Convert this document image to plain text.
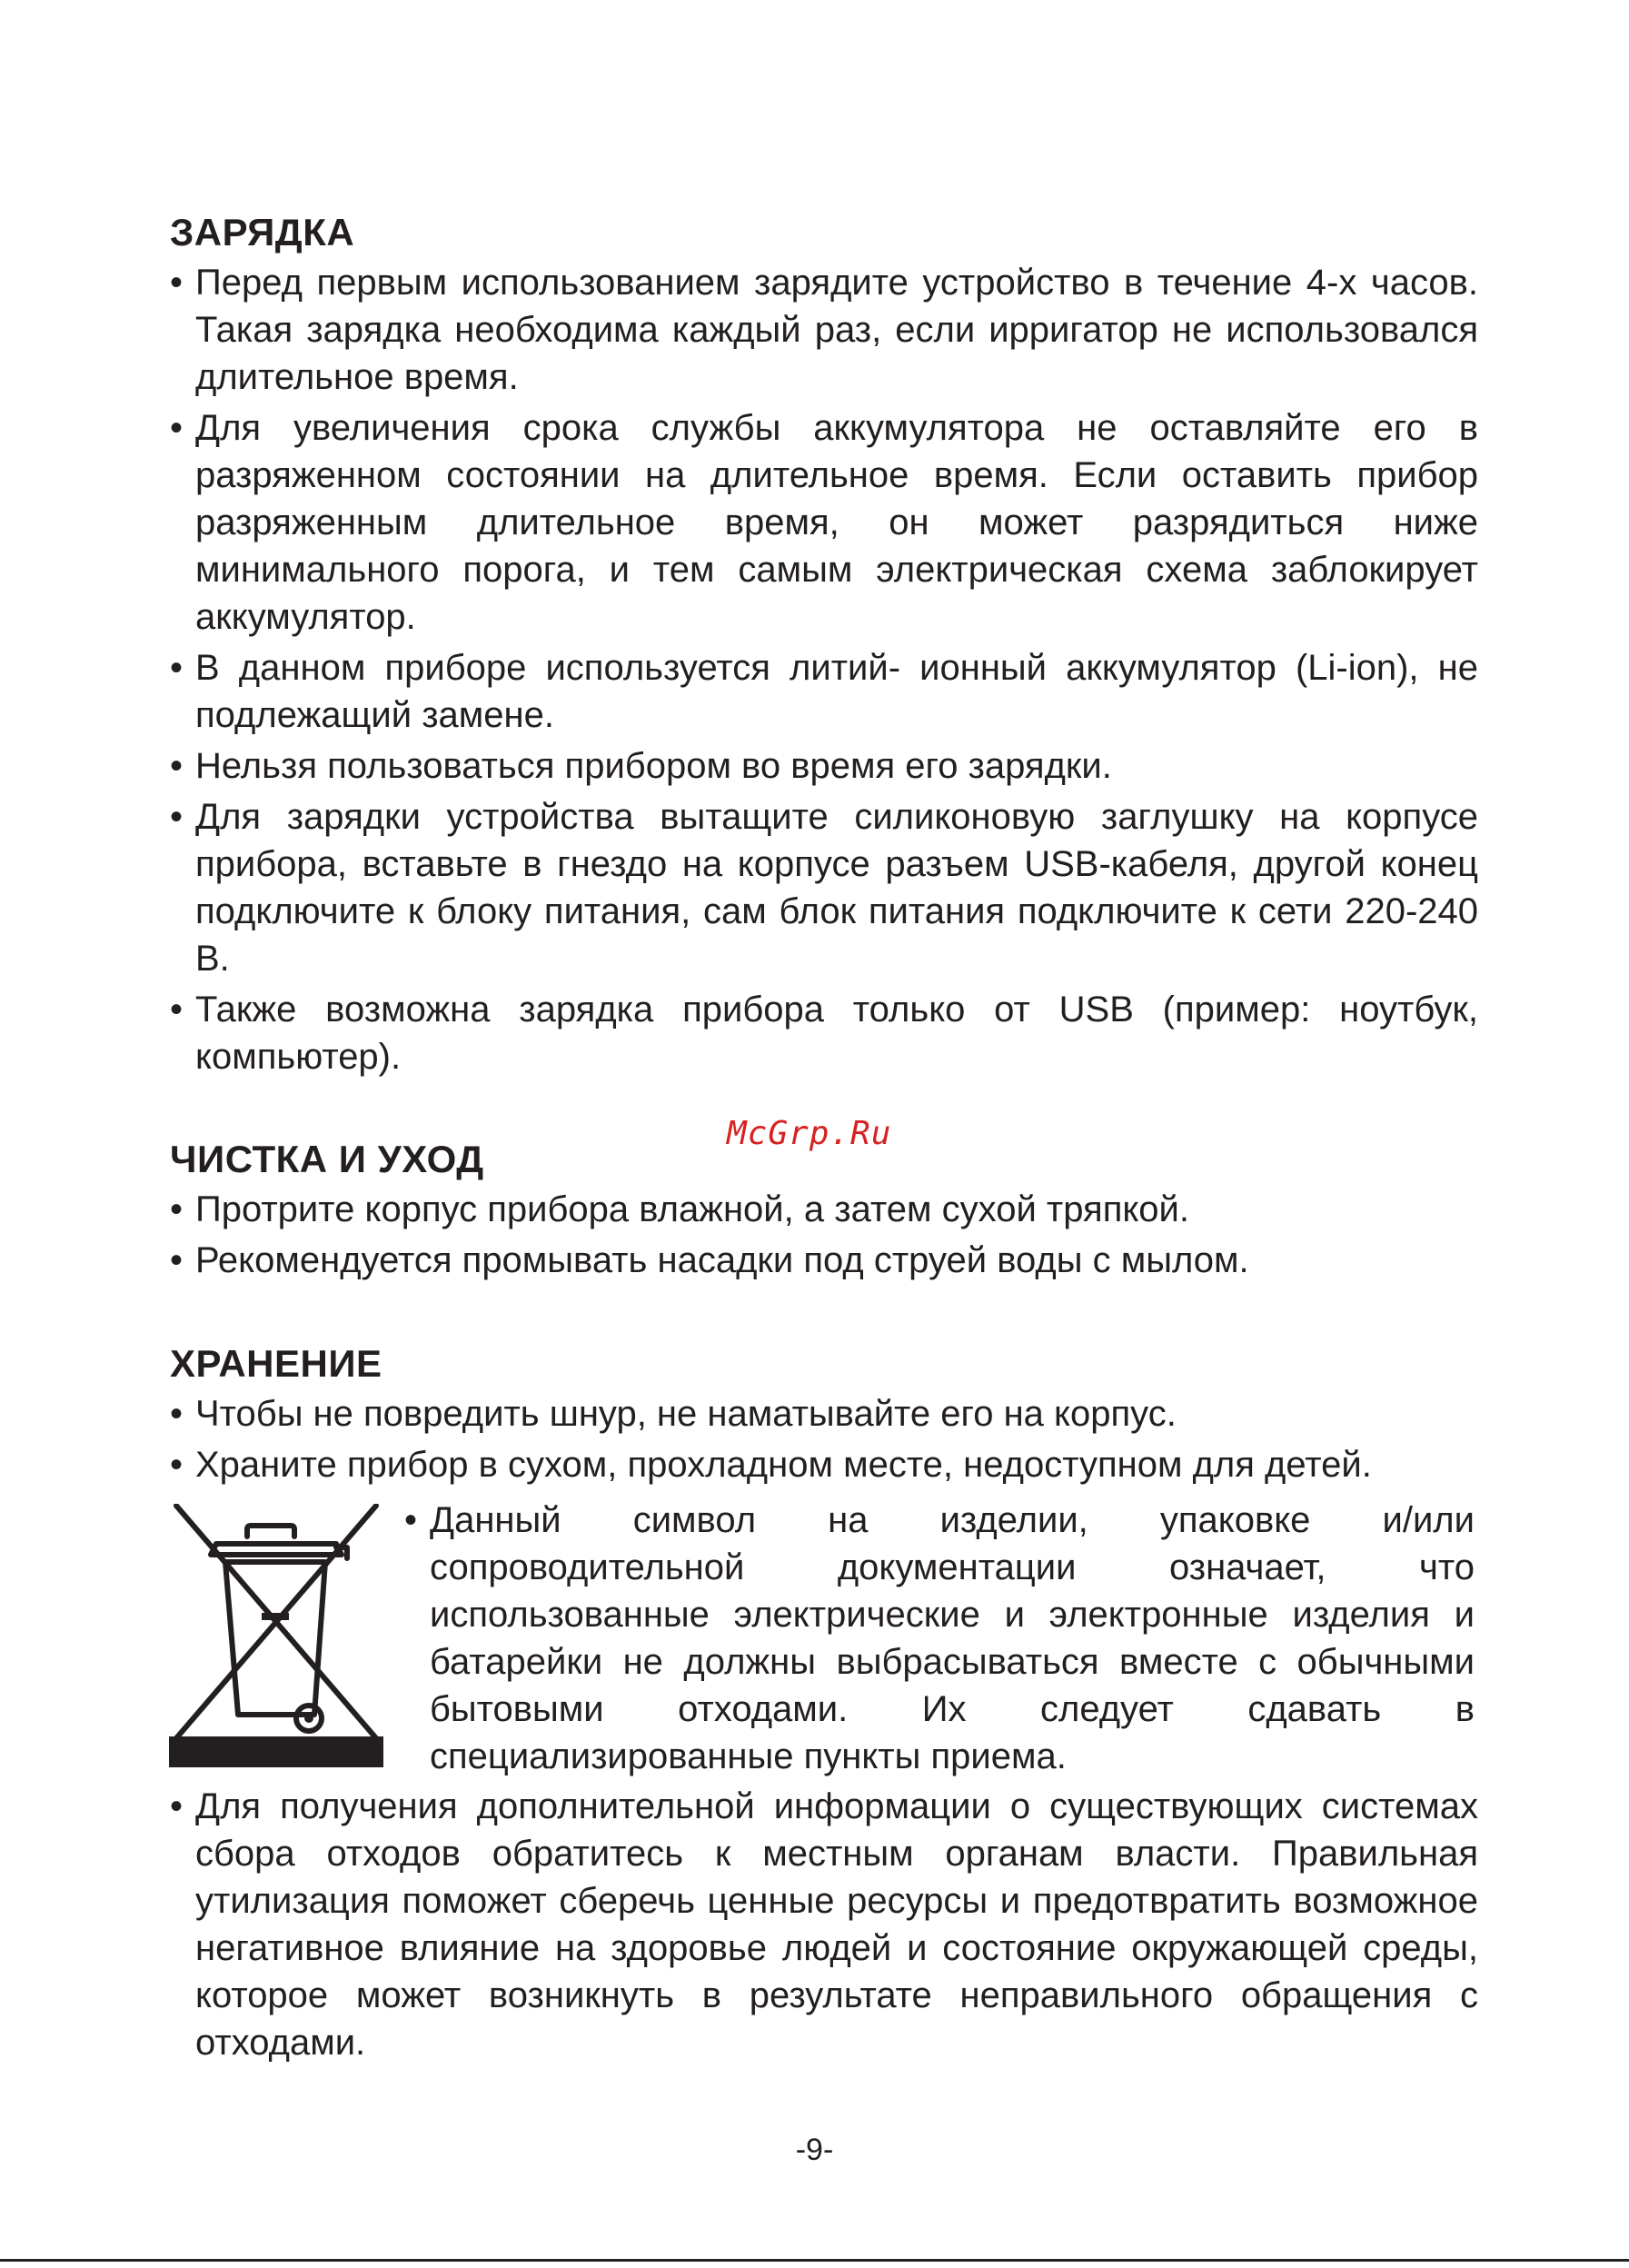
ЗАРЯДКА
• Перед первым использованием зарядите устройство в течение 4-х часов. Такая зарядка необходима каждый раз, если ирригатор не использовался длительное время.
• Для увеличения срока службы аккумулятора не оставляйте его в разряженном состоянии на длительное время. Если оставить прибор разряженным длительное время, он может разрядиться ниже минимального порога, и тем самым электрическая схема заблокирует аккумулятор.
• В данном приборе используется литий- ионный аккумулятор (Li-ion), не подлежащий замене.
• Нельзя пользоваться прибором во время его зарядки.
• Для зарядки устройства вытащите силиконовую заглушку на корпусе прибора, вставьте в гнездо на корпусе разъем USB-кабеля, другой конец подключите к блоку питания, сам блок питания подключите к сети 220-240 В.
• Также возможна зарядка прибора только от USB (пример: ноутбук, компьютер).

McGrp.Ru

ЧИСТКА И УХОД
• Протрите корпус прибора влажной, а затем сухой тряпкой.
• Рекомендуется промывать насадки под струей воды с мылом.
ХРАНЕНИЕ
• Чтобы не повредить шнур, не наматывайте его на корпус.
• Храните прибор в сухом, прохладном месте, недоступном для детей.
• Данный символ на изделии, упаковке и/или сопроводительной документации означает, что использованные электрические и электронные изделия и батарейки не должны выбрасываться вместе с обычными бытовыми отходами. Их следует сдавать в специализированные пункты приема.
• Для получения дополнительной информации о существующих системах сбора отходов обратитесь к местным органам власти. Правильная утилизация поможет сберечь ценные ресурсы и предотвратить возможное негативное влияние на здоровье людей и состояние окружающей среды, которое может возникнуть в результате неправильного обращения с отходами.

-9-
